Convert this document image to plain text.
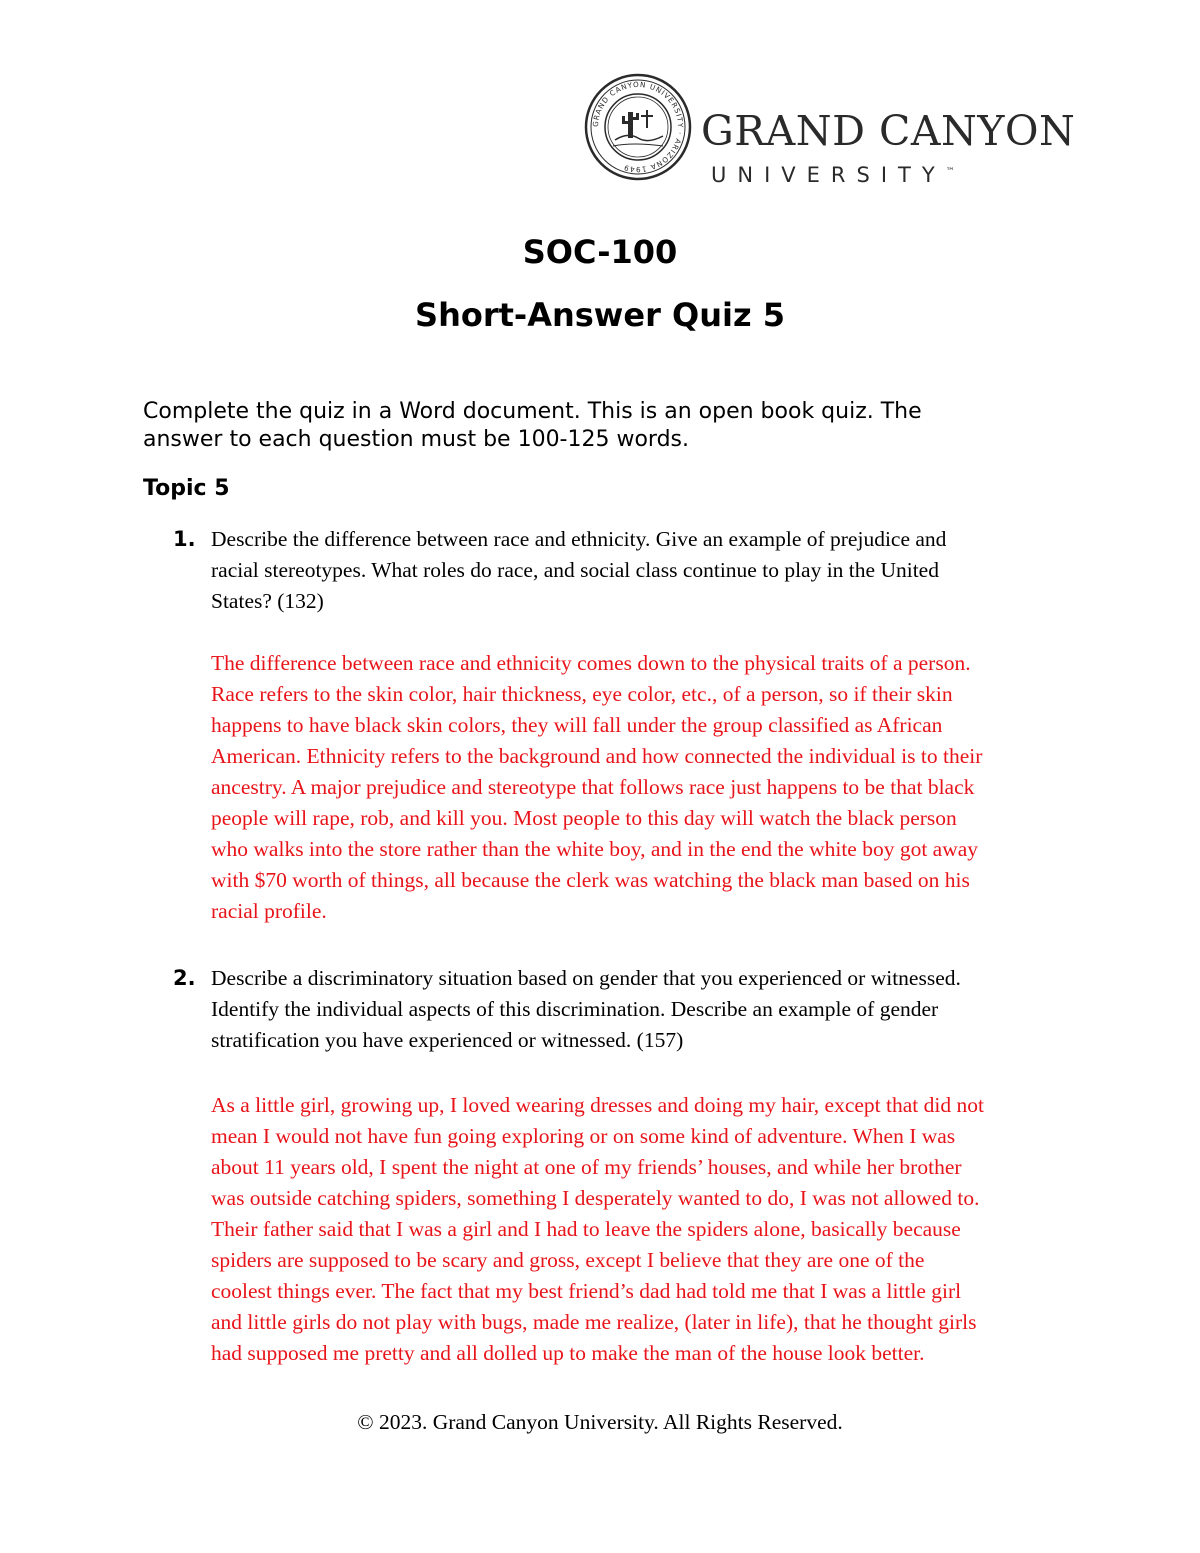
GRAND CANYON UNIVERSITY · ARIZONA 1949
GRAND CANYON
UNIVERSITY™
SOC-100
Short-Answer Quiz 5
Complete the quiz in a Word document. This is an open book quiz. The
answer to each question must be 100-125 words.
Topic 5
1. Describe the difference between race and ethnicity. Give an example of prejudice and
racial stereotypes. What roles do race, and social class continue to play in the United
States? (132)
The difference between race and ethnicity comes down to the physical traits of a person.
Race refers to the skin color, hair thickness, eye color, etc., of a person, so if their skin
happens to have black skin colors, they will fall under the group classified as African
American. Ethnicity refers to the background and how connected the individual is to their
ancestry. A major prejudice and stereotype that follows race just happens to be that black
people will rape, rob, and kill you. Most people to this day will watch the black person
who walks into the store rather than the white boy, and in the end the white boy got away
with $70 worth of things, all because the clerk was watching the black man based on his
racial profile.
2. Describe a discriminatory situation based on gender that you experienced or witnessed.
Identify the individual aspects of this discrimination. Describe an example of gender
stratification you have experienced or witnessed. (157)
As a little girl, growing up, I loved wearing dresses and doing my hair, except that did not
mean I would not have fun going exploring or on some kind of adventure. When I was
about 11 years old, I spent the night at one of my friends’ houses, and while her brother
was outside catching spiders, something I desperately wanted to do, I was not allowed to.
Their father said that I was a girl and I had to leave the spiders alone, basically because
spiders are supposed to be scary and gross, except I believe that they are one of the
coolest things ever. The fact that my best friend’s dad had told me that I was a little girl
and little girls do not play with bugs, made me realize, (later in life), that he thought girls
had supposed me pretty and all dolled up to make the man of the house look better.
© 2023. Grand Canyon University. All Rights Reserved.
